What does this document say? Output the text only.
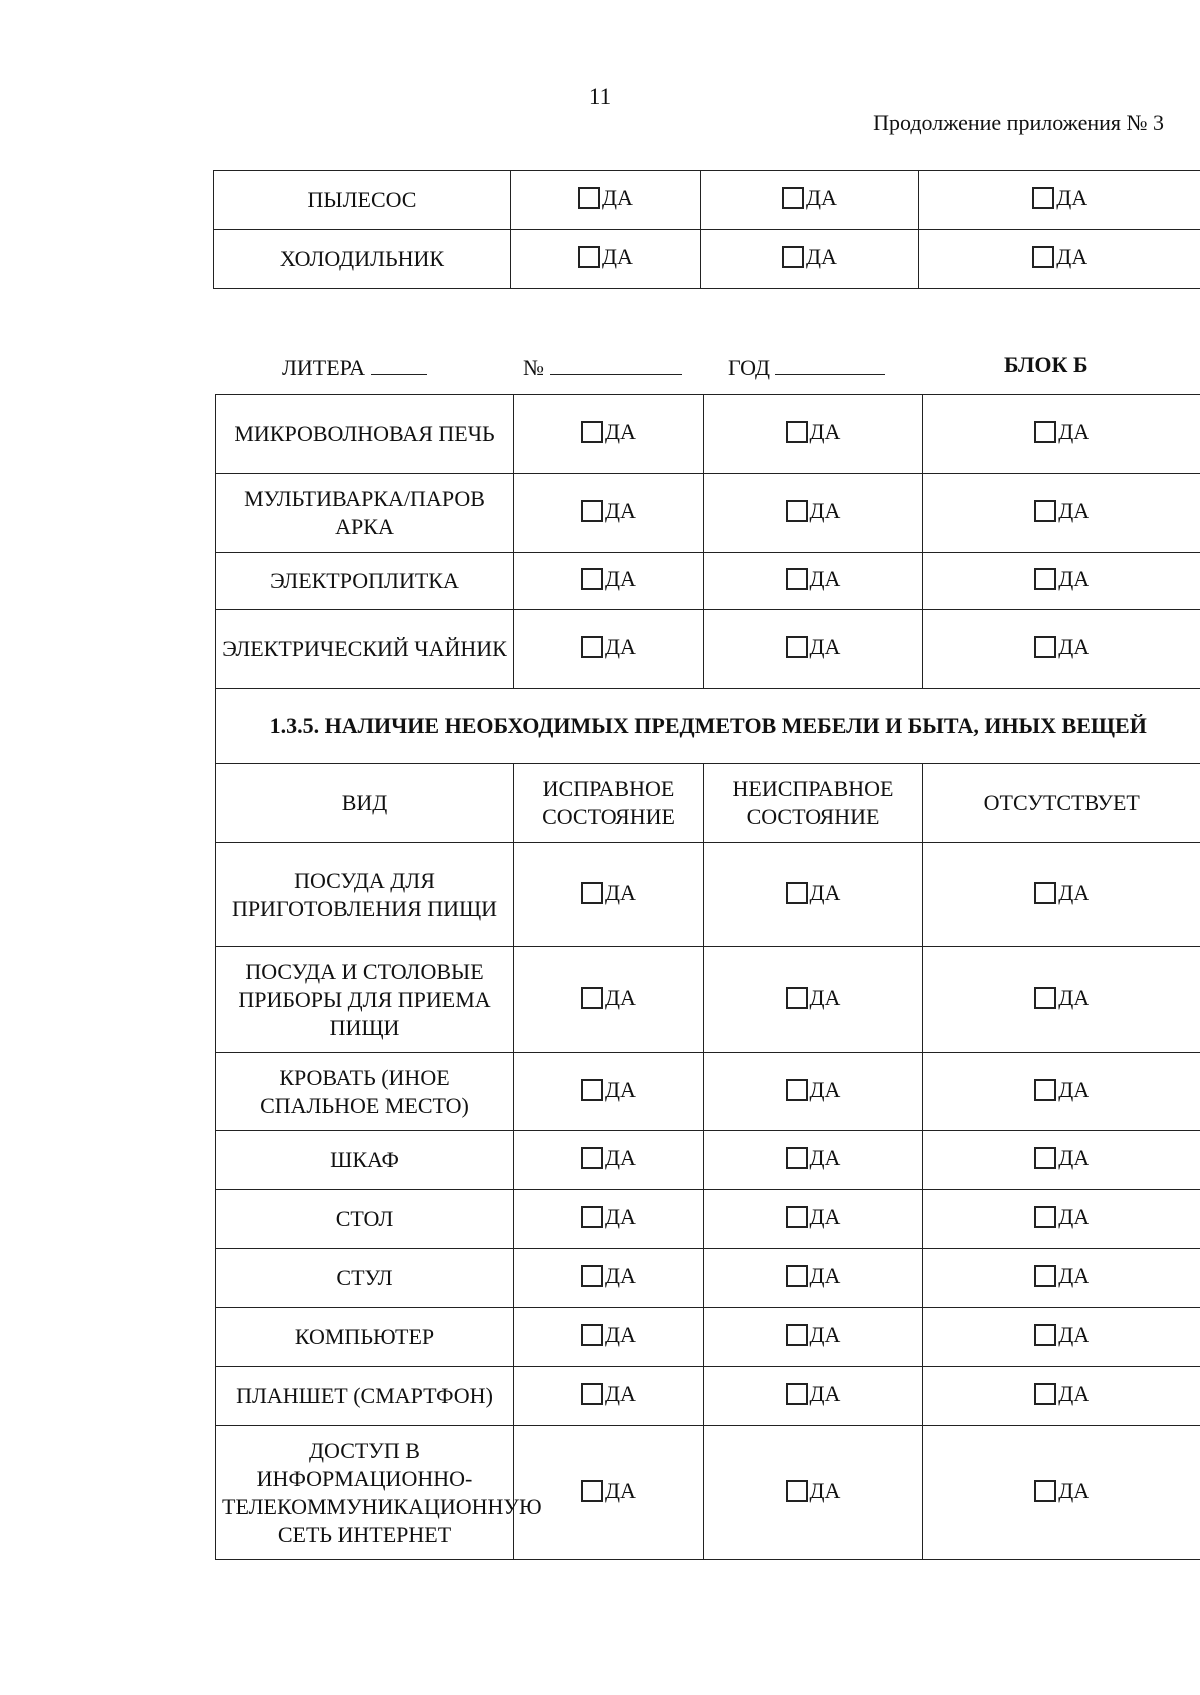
11
Продолжение приложения № 3
ПЫЛЕСОС	ДА	ДА	ДА

ХОЛОДИЛЬНИК	ДА	ДА	ДА
ЛИТЕРА	№	ГОД	БЛОК Б
МИКРОВОЛНОВАЯ ПЕЧЬ	ДА	ДА	ДА

МУЛЬТИВАРКА/ПАРОВ АРКА	ДА	ДА	ДА

ЭЛЕКТРОПЛИТКА	ДА	ДА	ДА

ЭЛЕКТРИЧЕСКИЙ ЧАЙНИК	ДА	ДА	ДА

1.3.5. НАЛИЧИЕ НЕОБХОДИМЫХ ПРЕДМЕТОВ МЕБЕЛИ И БЫТА, ИНЫХ ВЕЩЕЙ			
ВИД	ИСПРАВНОЕ СОСТОЯНИЕ	НЕИСПРАВНОЕ СОСТОЯНИЕ	ОТСУТСТВУЕТ
ПОСУДА ДЛЯ ПРИГОТОВЛЕНИЯ ПИЩИ	ДА	ДА	ДА

ПОСУДА И СТОЛОВЫЕ ПРИБОРЫ ДЛЯ ПРИЕМА ПИЩИ	ДА	ДА	ДА

КРОВАТЬ (ИНОЕ СПАЛЬНОЕ МЕСТО)	ДА	ДА	ДА

ШКАФ	ДА	ДА	ДА

СТОЛ	ДА	ДА	ДА

СТУЛ	ДА	ДА	ДА

КОМПЬЮТЕР	ДА	ДА	ДА

ПЛАНШЕТ (СМАРТФОН)	ДА	ДА	ДА

ДОСТУП В ИНФОРМАЦИОННО-ТЕЛЕКОММУНИКАЦИОННУЮ СЕТЬ ИНТЕРНЕТ	ДА	ДА	ДА
